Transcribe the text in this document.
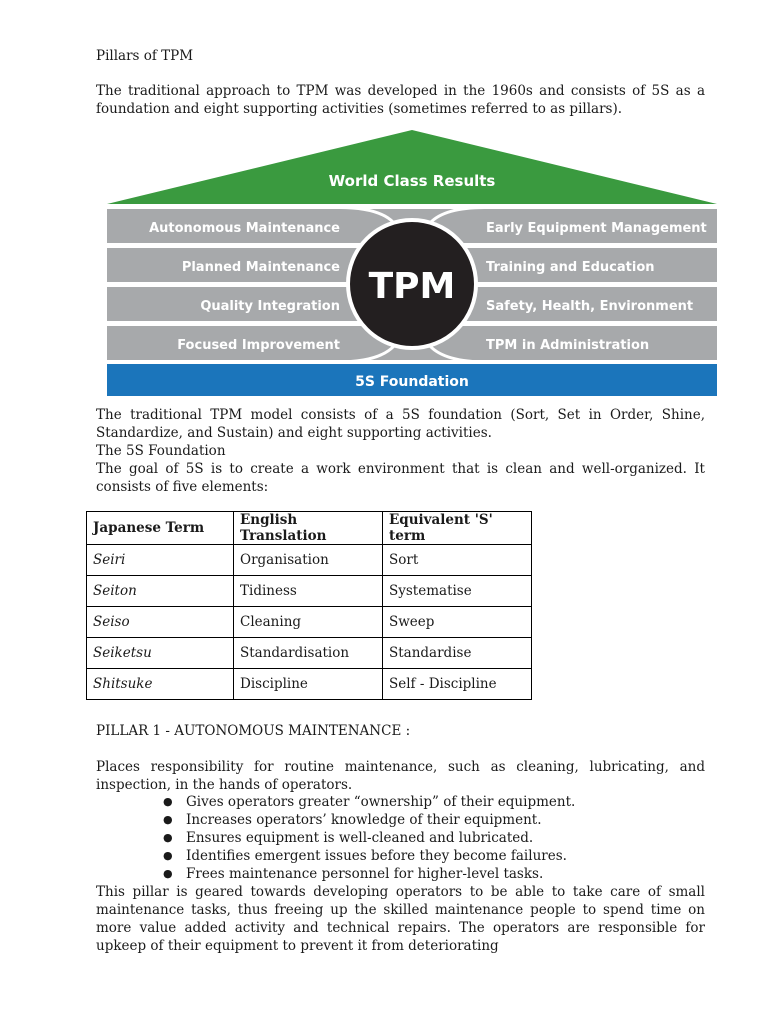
Pillars of TPM

The traditional approach to TPM was developed in the 1960s and consists of 5S as a foundation and eight supporting activities (sometimes referred to as pillars).

World Class Results
Autonomous Maintenance
Planned Maintenance
Quality Integration
Focused Improvement
Early Equipment Management
Training and Education
Safety, Health, Environment
TPM in Administration
5S Foundation
TPM

The traditional TPM model consists of a 5S foundation (Sort, Set in Order, Shine, Standardize, and Sustain) and eight supporting activities.

The 5S Foundation

The goal of 5S is to create a work environment that is clean and well-organized. It consists of five elements:

Japanese Term	English Translation	Equivalent 'S' term
Seiri	Organisation	Sort
Seiton	Tidiness	Systematise
Seiso	Cleaning	Sweep
Seiketsu	Standardisation	Standardise
Shitsuke	Discipline	Self - Discipline

PILLAR 1 - AUTONOMOUS MAINTENANCE :

Places responsibility for routine maintenance, such as cleaning, lubricating, and inspection, in the hands of operators.

● Gives operators greater “ownership” of their equipment.
● Increases operators’ knowledge of their equipment.
● Ensures equipment is well-cleaned and lubricated.
● Identifies emergent issues before they become failures.
● Frees maintenance personnel for higher-level tasks.

This pillar is geared towards developing operators to be able to take care of small maintenance tasks, thus freeing up the skilled maintenance people to spend time on more value added activity and technical repairs. The operators are responsible for upkeep of their equipment to prevent it from deteriorating
